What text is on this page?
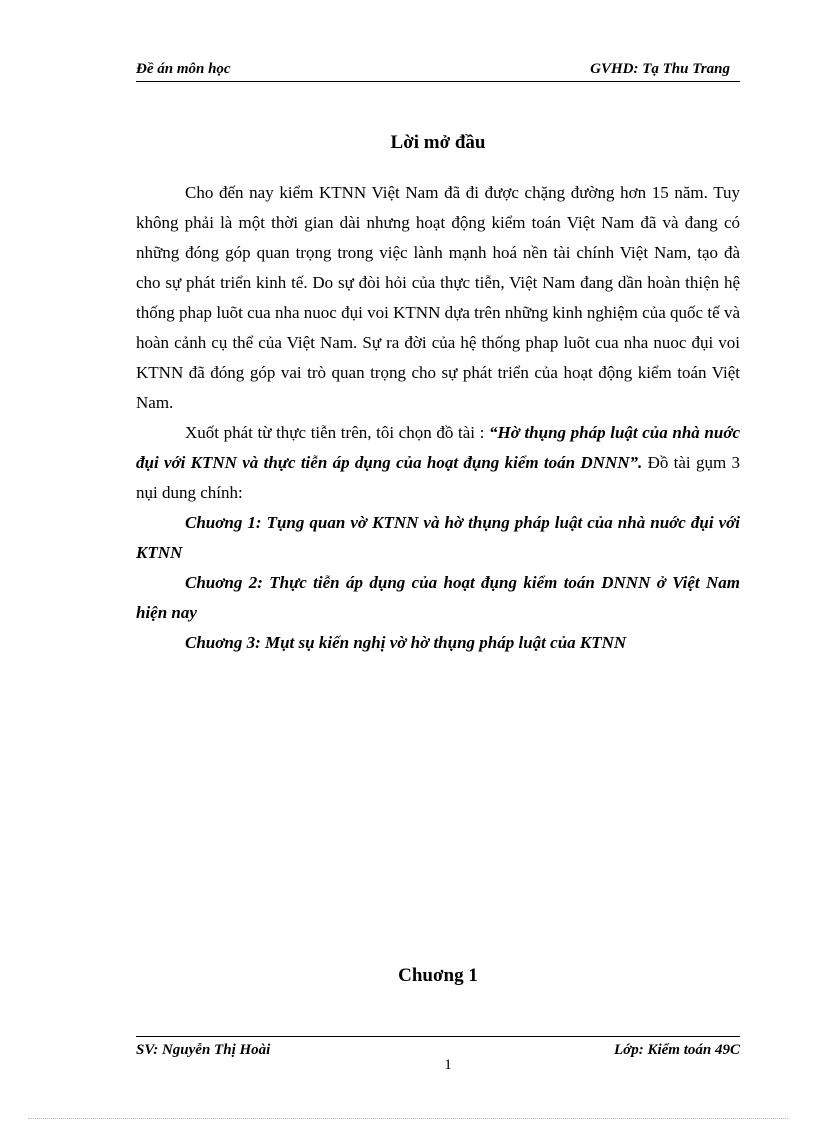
Đề án môn học	GVHD: Tạ Thu Trang
Lời mở đầu

Cho đến nay kiểm KTNN Việt Nam đã đi được chặng đường hơn 15 năm. Tuy không phải là một thời gian dài nhưng hoạt động kiểm toán Việt Nam đã và đang có những đóng góp quan trọng trong việc lành mạnh hoá nền tài chính Việt Nam, tạo đà cho sự phát triển kinh tế. Do sự đòi hỏi của thực tiễn, Việt Nam đang dần hoàn thiện hệ thống phap luõt cua nha nuoc đụi voi KTNN dựa trên những kinh nghiệm của quốc tế và hoàn cảnh cụ thể của Việt Nam. Sự ra đời của hệ thống phap luõt cua nha nuoc đụi voi KTNN đã đóng góp vai trò quan trọng cho sự phát triển của hoạt động kiểm toán Việt Nam.

Xuốt phát từ thực tiễn trên, tôi chọn đồ tài : “Hờ thụng pháp luật của nhà nuớc đụi với KTNN và thực tiễn áp dụng của hoạt đụng kiểm toán DNNN”. Đồ tài gụm 3 nụi dung chính:

Chuơng 1: Tụng quan vờ KTNN và hờ thụng pháp luật của nhà nuớc đụi với KTNN

Chuơng 2: Thực tiễn áp dụng của hoạt đụng kiểm toán DNNN ở Việt Nam hiện nay

Chuơng 3: Mụt sụ kiến nghị vờ hờ thụng pháp luật của KTNN

Chuơng 1
SV: Nguyễn Thị Hoài	Lớp: Kiểm toán 49C
1
